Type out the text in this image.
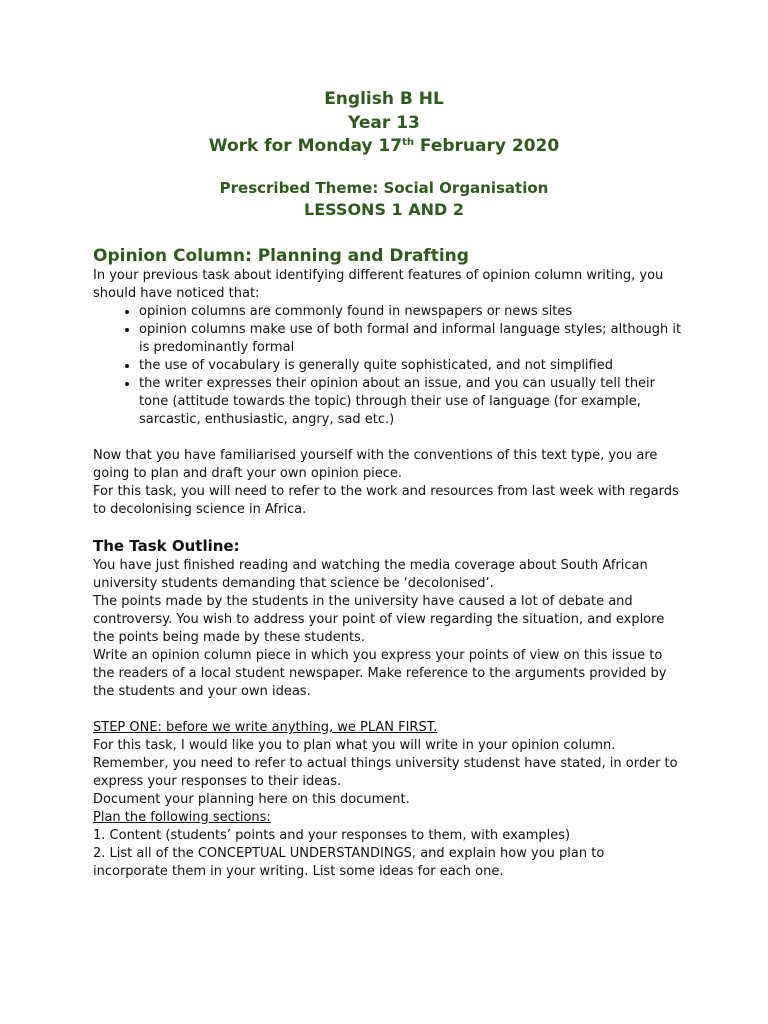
English B HL
Year 13
Work for Monday 17th February 2020
Prescribed Theme: Social Organisation
LESSONS 1 AND 2
Opinion Column: Planning and Drafting

In your previous task about identifying different features of opinion column writing, you should have noticed that:

• opinion columns are commonly found in newspapers or news sites
• opinion columns make use of both formal and informal language styles; although it is predominantly formal
• the use of vocabulary is generally quite sophisticated, and not simplified
• the writer expresses their opinion about an issue, and you can usually tell their tone (attitude towards the topic) through their use of language (for example, sarcastic, enthusiastic, angry, sad etc.)

Now that you have familiarised yourself with the conventions of this text type, you are going to plan and draft your own opinion piece.

For this task, you will need to refer to the work and resources from last week with regards to decolonising science in Africa.

The Task Outline:

You have just finished reading and watching the media coverage about South African university students demanding that science be ‘decolonised’.

The points made by the students in the university have caused a lot of debate and controversy. You wish to address your point of view regarding the situation, and explore the points being made by these students.

Write an opinion column piece in which you express your points of view on this issue to the readers of a local student newspaper. Make reference to the arguments provided by the students and your own ideas.

STEP ONE: before we write anything, we PLAN FIRST.

For this task, I would like you to plan what you will write in your opinion column.

Remember, you need to refer to actual things university studenst have stated, in order to express your responses to their ideas.

Document your planning here on this document.

Plan the following sections:

1. Content (students’ points and your responses to them, with examples)

2. List all of the CONCEPTUAL UNDERSTANDINGS, and explain how you plan to incorporate them in your writing. List some ideas for each one.
